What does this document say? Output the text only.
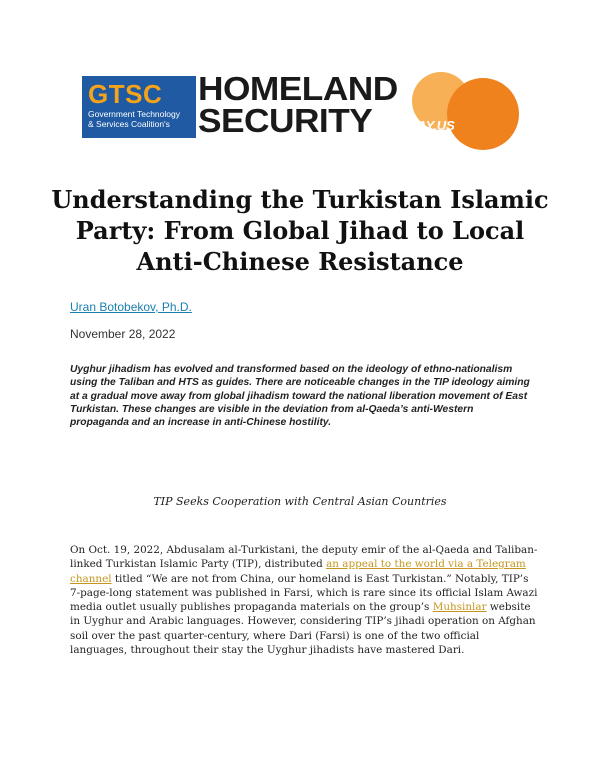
GTSC
Government Technology
& Services Coalition's
HOMELAND
SECURITY TODAY.US
Understanding the Turkistan Islamic
Party: From Global Jihad to Local
Anti-Chinese Resistance
Uran Botobekov, Ph.D.
November 28, 2022

Uyghur jihadism has evolved and transformed based on the ideology of ethno-nationalism using the Taliban and HTS as guides. There are noticeable changes in the TIP ideology aiming at a gradual move away from global jihadism toward the national liberation movement of East Turkistan. These changes are visible in the deviation from al-Qaeda’s anti-Western propaganda and an increase in anti-Chinese hostility.

TIP Seeks Cooperation with Central Asian Countries

On Oct. 19, 2022, Abdusalam al-Turkistani, the deputy emir of the al-Qaeda and Taliban-linked Turkistan Islamic Party (TIP), distributed an appeal to the world via a Telegram channel titled “We are not from China, our homeland is East Turkistan.” Notably, TIP’s 7-page-long statement was published in Farsi, which is rare since its official Islam Awazi media outlet usually publishes propaganda materials on the group’s Muhsinlar website in Uyghur and Arabic languages. However, considering TIP’s jihadi operation on Afghan soil over the past quarter-century, where Dari (Farsi) is one of the two official languages, throughout their stay the Uyghur jihadists have mastered Dari.
